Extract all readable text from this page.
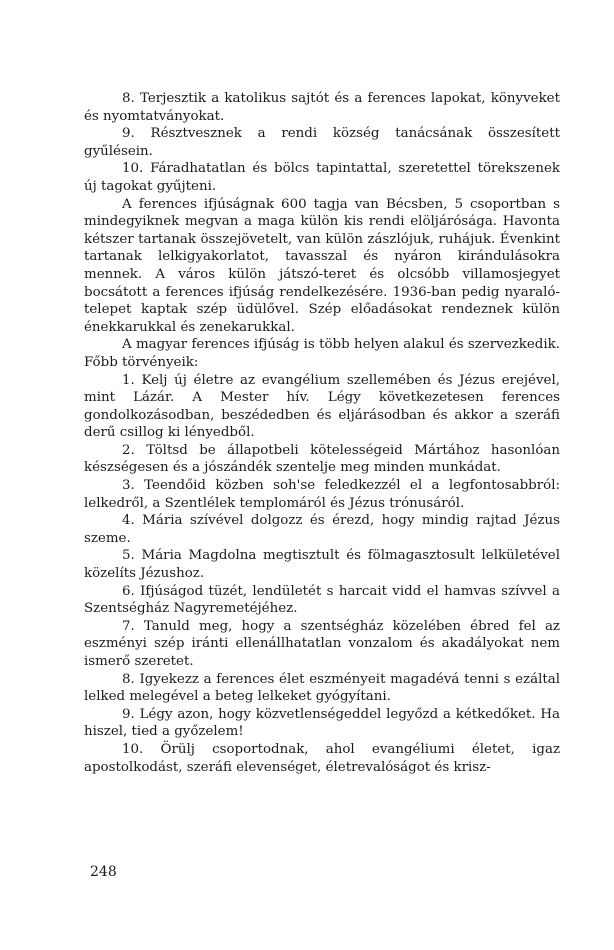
8. Terjesztik a katolikus sajtót és a ferences lapokat, könyveket és nyomtatványokat.

9. Résztvesznek a rendi község tanácsának összesített gyűlésein.

10. Fáradhatatlan és bölcs tapintattal, szeretettel törekszenek új tagokat gyűjteni.

A ferences ifjúságnak 600 tagja van Bécsben, 5 csoportban s mindegyiknek megvan a maga külön kis rendi elöljárósága. Havonta kétszer tartanak összejövetelt, van külön zászlójuk, ruhájuk. Évenkint tartanak lelkigyakorlatot, tavasszal és nyáron kirándulásokra mennek. A város külön játszó-teret és olcsóbb villamosjegyet bocsátott a ferences ifjúság rendelkezésére. 1936-ban pedig nyaralótelepet kaptak szép üdülővel. Szép előadásokat rendeznek külön énekkarukkal és zenekarukkal.

A magyar ferences ifjúság is több helyen alakul és szervezkedik. Főbb törvényeik:

1. Kelj új életre az evangélium szellemében és Jézus erejével, mint Lázár. A Mester hív. Légy következetesen ferences gondolkozásodban, beszédedben és eljárásodban és akkor a szeráfi derű csillog ki lényedből.

2. Töltsd be állapotbeli kötelességeid Mártához hasonlóan készségesen és a jószándék szentelje meg minden munkádat.

3. Teendőid közben soh'se feledkezzél el a legfontosabbról: lelkedről, a Szentlélek templomáról és Jézus trónusáról.

4. Mária szívével dolgozz és érezd, hogy mindig rajtad Jézus szeme.

5. Mária Magdolna megtisztult és fölmagasztosult lelkületével közelíts Jézushoz.

6. Ifjúságod tüzét, lendületét s harcait vidd el hamvas szívvel a Szentségház Nagyremetéjéhez.

7. Tanuld meg, hogy a szentségház közelében ébred fel az eszményi szép iránti ellenállhatatlan vonzalom és akadályokat nem ismerő szeretet.

8. Igyekezz a ferences élet eszményeit magadévá tenni s ezáltal lelked melegével a beteg lelkeket gyógyítani.

9. Légy azon, hogy közvetlenségeddel legyőzd a kétkedőket. Ha hiszel, tied a győzelem!

10. Örülj csoportodnak, ahol evangéliumi életet, igaz apostolkodást, szeráfi elevenséget, életrevalóságot és krisz-

248
